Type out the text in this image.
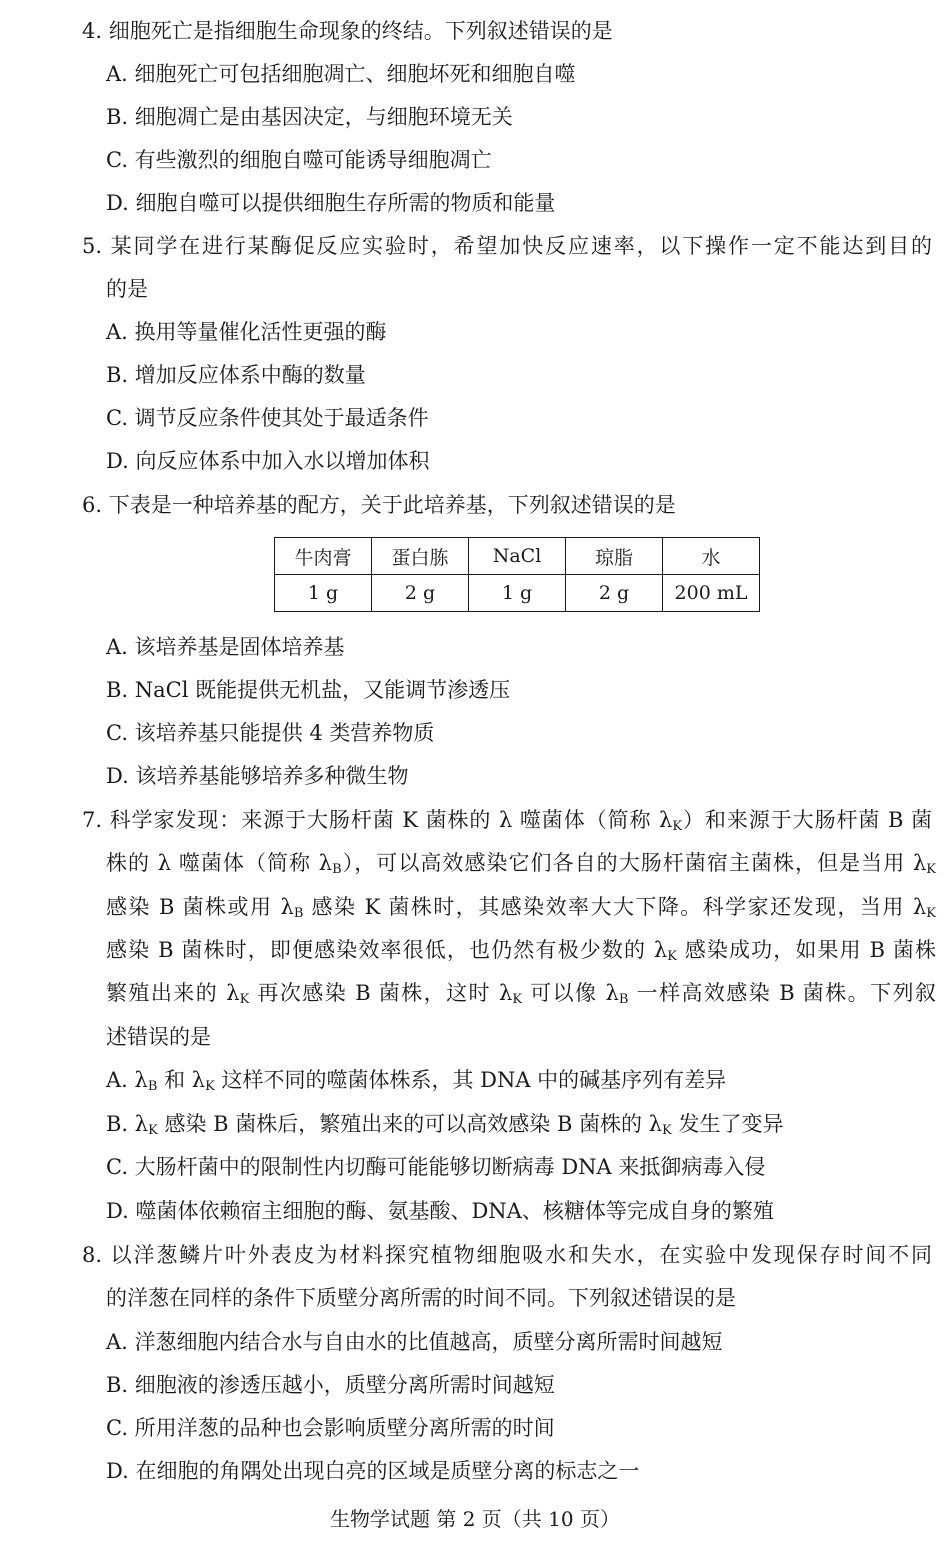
4. 细胞死亡是指细胞生命现象的终结。下列叙述错误的是
A. 细胞死亡可包括细胞凋亡、细胞坏死和细胞自噬
B. 细胞凋亡是由基因决定，与细胞环境无关
C. 有些激烈的细胞自噬可能诱导细胞凋亡
D. 细胞自噬可以提供细胞生存所需的物质和能量
5. 某同学在进行某酶促反应实验时，希望加快反应速率，以下操作一定不能达到目的
的是
A. 换用等量催化活性更强的酶
B. 增加反应体系中酶的数量
C. 调节反应条件使其处于最适条件
D. 向反应体系中加入水以增加体积
6. 下表是一种培养基的配方，关于此培养基，下列叙述错误的是
牛肉膏	蛋白胨	NaCl	琼脂	水
1 g	2 g	1 g	2 g	200 mL
A. 该培养基是固体培养基
B. NaCl 既能提供无机盐，又能调节渗透压
C. 该培养基只能提供 4 类营养物质
D. 该培养基能够培养多种微生物
7. 科学家发现：来源于大肠杆菌 K 菌株的 λ 噬菌体（简称 $\lambda_K$）和来源于大肠杆菌 B 菌
株的 λ 噬菌体（简称 $\lambda_B$），可以高效感染它们各自的大肠杆菌宿主菌株，但是当用 $\lambda_K$
感染 B 菌株或用 $\lambda_B$ 感染 K 菌株时，其感染效率大大下降。科学家还发现，当用 $\lambda_K$
感染 B 菌株时，即便感染效率很低，也仍然有极少数的 $\lambda_K$ 感染成功，如果用 B 菌株
繁殖出来的 $\lambda_K$ 再次感染 B 菌株，这时 $\lambda_K$ 可以像 $\lambda_B$ 一样高效感染 B 菌株。下列叙
述错误的是
A. $\lambda_B$ 和 $\lambda_K$ 这样不同的噬菌体株系，其 DNA 中的碱基序列有差异
B. $\lambda_K$ 感染 B 菌株后，繁殖出来的可以高效感染 B 菌株的 $\lambda_K$ 发生了变异
C. 大肠杆菌中的限制性内切酶可能能够切断病毒 DNA 来抵御病毒入侵
D. 噬菌体依赖宿主细胞的酶、氨基酸、DNA、核糖体等完成自身的繁殖
8. 以洋葱鳞片叶外表皮为材料探究植物细胞吸水和失水，在实验中发现保存时间不同
的洋葱在同样的条件下质壁分离所需的时间不同。下列叙述错误的是
A. 洋葱细胞内结合水与自由水的比值越高，质壁分离所需时间越短
B. 细胞液的渗透压越小，质壁分离所需时间越短
C. 所用洋葱的品种也会影响质壁分离所需的时间
D. 在细胞的角隅处出现白亮的区域是质壁分离的标志之一
生物学试题 第 2 页（共 10 页）
